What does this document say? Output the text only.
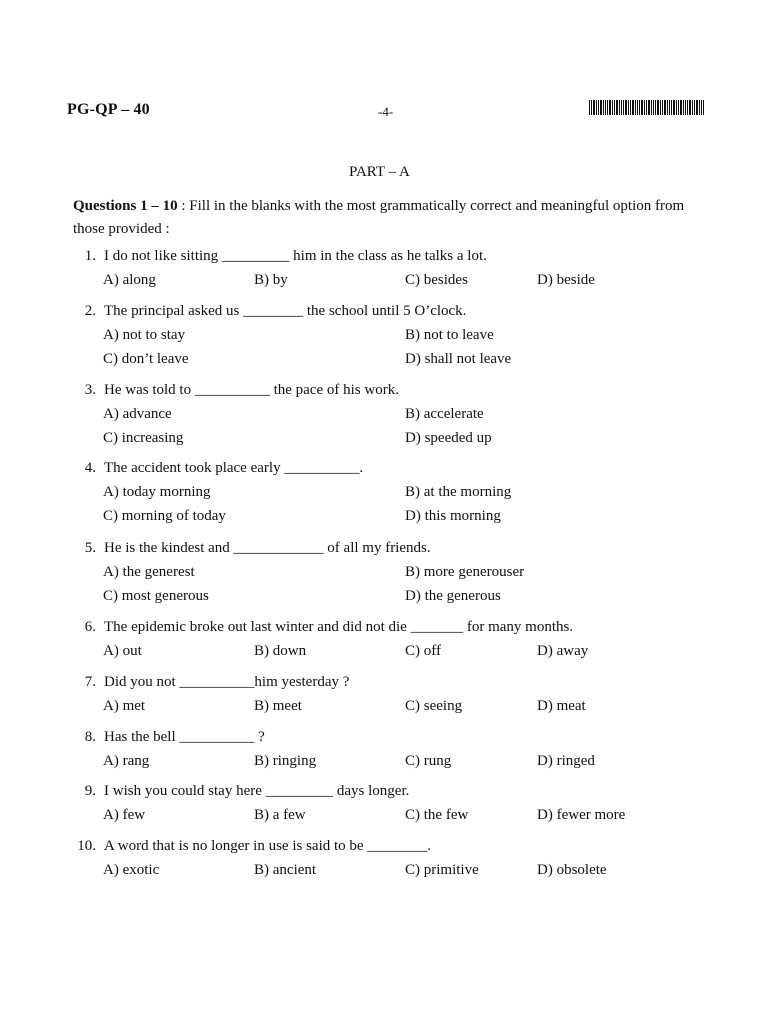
PG-QP – 40	-4-
PART – A
Questions 1 – 10 : Fill in the blanks with the most grammatically correct and meaningful option from those provided :
1. I do not like sitting _________ him in the class as he talks a lot.
A) along	B) by	C) besides	D) beside
2. The principal asked us ________ the school until 5 O’clock.
A) not to stay	B) not to leave
C) don’t leave	D) shall not leave
3. He was told to __________ the pace of his work.
A) advance	B) accelerate
C) increasing	D) speeded up
4. The accident took place early __________.
A) today morning	B) at the morning
C) morning of today	D) this morning
5. He is the kindest and ____________ of all my friends.
A) the generest	B) more generouser
C) most generous	D) the generous
6. The epidemic broke out last winter and did not die _______ for many months.
A) out	B) down	C) off	D) away
7. Did you not __________him yesterday ?
A) met	B) meet	C) seeing	D) meat
8. Has the bell __________ ?
A) rang	B) ringing	C) rung	D) ringed
9. I wish you could stay here _________ days longer.
A) few	B) a few	C) the few	D) fewer more
10. A word that is no longer in use is said to be ________.
A) exotic	B) ancient	C) primitive	D) obsolete
